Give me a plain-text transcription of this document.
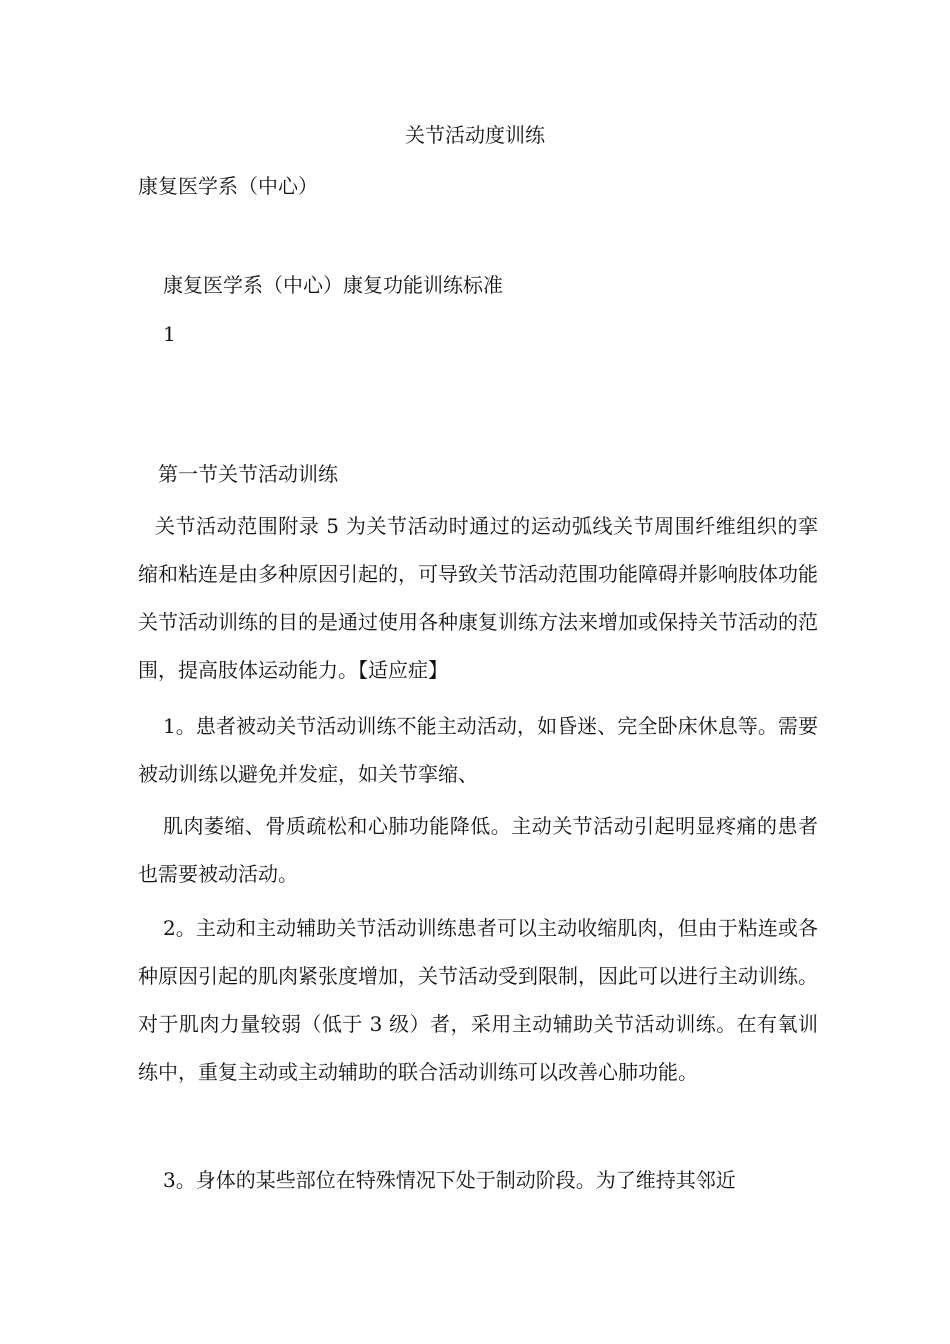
关节活动度训练
康复医学系（中心）
康复医学系（中心）康复功能训练标准
1
第一节关节活动训练
关节活动范围附录 5 为关节活动时通过的运动弧线关节周围纤维组织的挛缩和粘连是由多种原因引起的，可导致关节活动范围功能障碍并影响肢体功能关节活动训练的目的是通过使用各种康复训练方法来增加或保持关节活动的范围，提高肢体运动能力。【适应症】
1。患者被动关节活动训练不能主动活动，如昏迷、完全卧床休息等。需要被动训练以避免并发症，如关节挛缩、
肌肉萎缩、骨质疏松和心肺功能降低。主动关节活动引起明显疼痛的患者也需要被动活动。
2。主动和主动辅助关节活动训练患者可以主动收缩肌肉，但由于粘连或各种原因引起的肌肉紧张度增加，关节活动受到限制，因此可以进行主动训练。对于肌肉力量较弱（低于 3 级）者，采用主动辅助关节活动训练。在有氧训练中，重复主动或主动辅助的联合活动训练可以改善心肺功能。
3。身体的某些部位在特殊情况下处于制动阶段。为了维持其邻近
